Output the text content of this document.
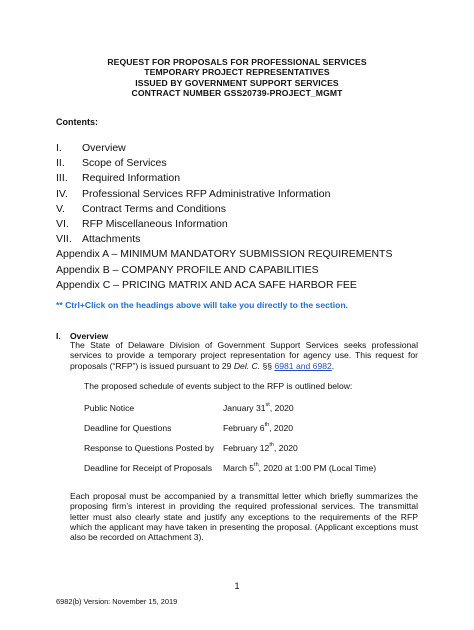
REQUEST FOR PROPOSALS FOR PROFESSIONAL SERVICES
TEMPORARY PROJECT REPRESENTATIVES
ISSUED BY GOVERNMENT SUPPORT SERVICES
CONTRACT NUMBER GSS20739-PROJECT_MGMT
Contents:
I.	Overview
II.	Scope of Services
III.	Required Information
IV.	Professional Services RFP Administrative Information
V.	Contract Terms and Conditions
VI.	RFP Miscellaneous Information
VII. Attachments
Appendix A – MINIMUM MANDATORY SUBMISSION REQUIREMENTS
Appendix B – COMPANY PROFILE AND CAPABILITIES
Appendix C – PRICING MATRIX AND ACA SAFE HARBOR FEE
** Ctrl+Click on the headings above will take you directly to the section.
I. Overview
The State of Delaware Division of Government Support Services seeks professional services to provide a temporary project representation for agency use. This request for proposals (“RFP”) is issued pursuant to 29 Del. C. §§ 6981 and 6982.
The proposed schedule of events subject to the RFP is outlined below:
Public Notice	January 31st, 2020
Deadline for Questions	February 6th, 2020
Response to Questions Posted by February 12th, 2020
Deadline for Receipt of Proposals March 5th, 2020 at 1:00 PM (Local Time)
Each proposal must be accompanied by a transmittal letter which briefly summarizes the proposing firm’s interest in providing the required professional services. The transmittal letter must also clearly state and justify any exceptions to the requirements of the RFP which the applicant may have taken in presenting the proposal. (Applicant exceptions must also be recorded on Attachment 3).
1
6982(b) Version: November 15, 2019
